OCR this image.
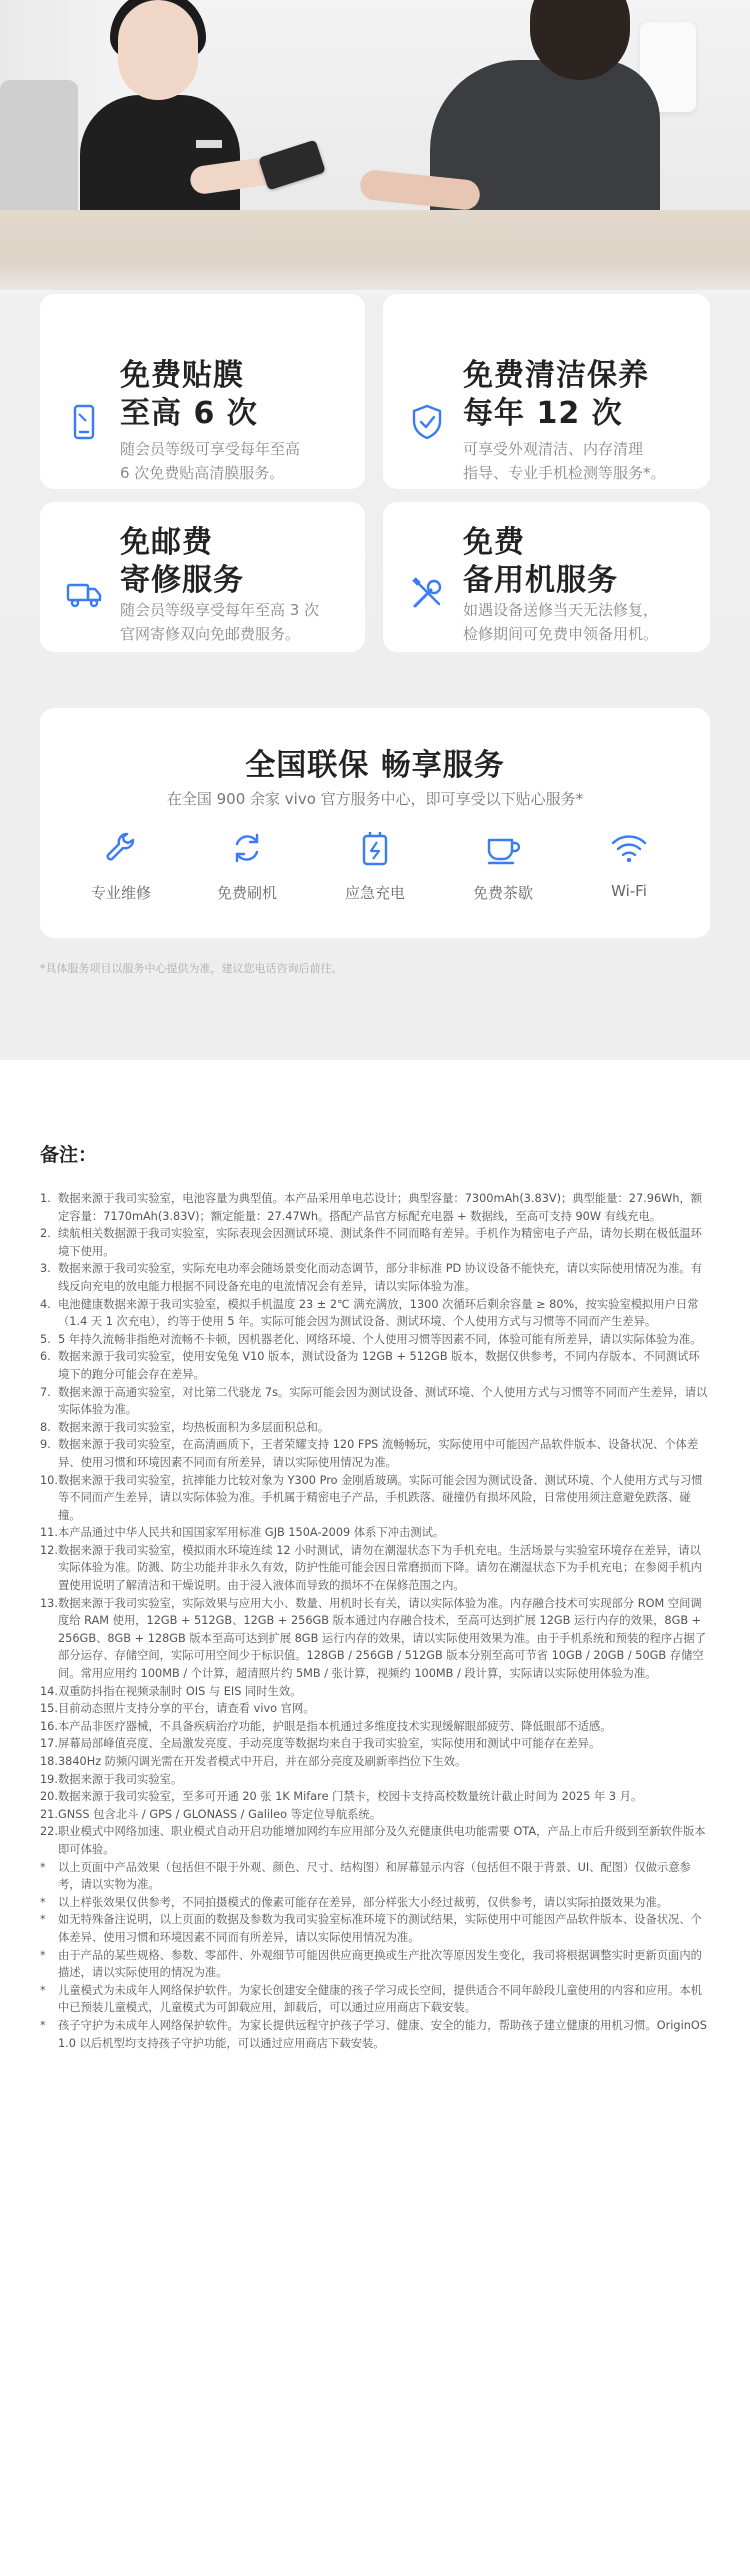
免费贴膜
至高 6 次
随会员等级可享受每年至高
6 次免费贴高清膜服务。
免费清洁保养
每年 12 次
可享受外观清洁、内存清理
指导、专业手机检测等服务*。
免邮费
寄修服务
随会员等级享受每年至高 3 次
官网寄修双向免邮费服务。
免费
备用机服务
如遇设备送修当天无法修复，
检修期间可免费申领备用机。
全国联保 畅享服务
在全国 900 余家 vivo 官方服务中心，即可享受以下贴心服务*
专业维修	免费刷机	应急充电	免费茶歇	Wi-Fi
*具体服务项目以服务中心提供为准，建议您电话咨询后前往。
备注：
1. 数据来源于我司实验室，电池容量为典型值。本产品采用单电芯设计；典型容量：7300mAh(3.83V)；典型能量：27.96Wh，额定容量：7170mAh(3.83V)；额定能量：27.47Wh。搭配产品官方标配充电器 + 数据线，至高可支持 90W 有线充电。
2. 续航相关数据源于我司实验室，实际表现会因测试环境、测试条件不同而略有差异。手机作为精密电子产品，请勿长期在极低温环境下使用。
3. 数据来源于我司实验室，实际充电功率会随场景变化而动态调节，部分非标准 PD 协议设备不能快充，请以实际使用情况为准。有线反向充电的放电能力根据不同设备充电的电流情况会有差异，请以实际体验为准。
4. 电池健康数据来源于我司实验室，模拟手机温度 23 ± 2℃ 满充满放，1300 次循环后剩余容量 ≥ 80%，按实验室模拟用户日常（1.4 天 1 次充电），约等于使用 5 年。实际可能会因为测试设备、测试环境、个人使用方式与习惯等不同而产生差异。
5. 5 年持久流畅非指绝对流畅不卡顿，因机器老化、网络环境、个人使用习惯等因素不同，体验可能有所差异，请以实际体验为准。
6. 数据来源于我司实验室，使用安兔兔 V10 版本，测试设备为 12GB + 512GB 版本，数据仅供参考，不同内存版本、不同测试环境下的跑分可能会存在差异。
7. 数据来源于高通实验室，对比第二代骁龙 7s。实际可能会因为测试设备、测试环境、个人使用方式与习惯等不同而产生差异，请以实际体验为准。
8. 数据来源于我司实验室，均热板面积为多层面积总和。
9. 数据来源于我司实验室，在高清画质下，王者荣耀支持 120 FPS 流畅畅玩，实际使用中可能因产品软件版本、设备状况、个体差异、使用习惯和环境因素不同而有所差异，请以实际使用情况为准。
10.数据来源于我司实验室，抗摔能力比较对象为 Y300 Pro 金刚盾玻璃。实际可能会因为测试设备、测试环境、个人使用方式与习惯等不同而产生差异，请以实际体验为准。手机属于精密电子产品，手机跌落、碰撞仍有损坏风险，日常使用须注意避免跌落、碰撞。
11.本产品通过中华人民共和国国家军用标准 GJB 150A-2009 体系下冲击测试。
12.数据来源于我司实验室，模拟雨水环境连续 12 小时测试，请勿在潮湿状态下为手机充电。生活场景与实验室环境存在差异，请以实际体验为准。防溅、防尘功能并非永久有效，防护性能可能会因日常磨损而下降。请勿在潮湿状态下为手机充电；在参阅手机内置使用说明了解清洁和干燥说明。由于浸入液体而导致的损坏不在保修范围之内。
13.数据来源于我司实验室，实际效果与应用大小、数量、用机时长有关，请以实际体验为准。内存融合技术可实现部分 ROM 空间调度给 RAM 使用，12GB + 512GB、12GB + 256GB 版本通过内存融合技术，至高可达到扩展 12GB 运行内存的效果，8GB + 256GB、8GB + 128GB 版本至高可达到扩展 8GB 运行内存的效果，请以实际使用效果为准。由于手机系统和预装的程序占据了部分运存、存储空间，实际可用空间少于标识值。128GB / 256GB / 512GB 版本分别至高可节省 10GB / 20GB / 50GB 存储空间。常用应用约 100MB / 个计算，超清照片约 5MB / 张计算，视频约 100MB / 段计算，实际请以实际使用体验为准。
14.双重防抖指在视频录制时 OIS 与 EIS 同时生效。
15.目前动态照片支持分享的平台，请查看 vivo 官网。
16.本产品非医疗器械，不具备疾病治疗功能，护眼是指本机通过多维度技术实现缓解眼部疲劳、降低眼部不适感。
17.屏幕局部峰值亮度、全局激发亮度、手动亮度等数据均来自于我司实验室，实际使用和测试中可能存在差异。
18.3840Hz 防频闪调光需在开发者模式中开启，并在部分亮度及刷新率挡位下生效。
19.数据来源于我司实验室。
20.数据来源于我司实验室，至多可开通 20 张 1K Mifare 门禁卡，校园卡支持高校数量统计截止时间为 2025 年 3 月。
21.GNSS 包含北斗 / GPS / GLONASS / Galileo 等定位导航系统。
22.职业模式中网络加速、职业模式自动开启功能增加网约车应用部分及久充健康供电功能需要 OTA，产品上市后升级到至新软件版本即可体验。
* 以上页面中产品效果（包括但不限于外观、颜色、尺寸、结构图）和屏幕显示内容（包括但不限于背景、UI、配图）仅做示意参考，请以实物为准。
* 以上样张效果仅供参考，不同拍摄模式的像素可能存在差异，部分样张大小经过裁剪，仅供参考，请以实际拍摄效果为准。
* 如无特殊备注说明，以上页面的数据及参数为我司实验室标准环境下的测试结果，实际使用中可能因产品软件版本、设备状况、个体差异、使用习惯和环境因素不同而有所差异，请以实际使用情况为准。
* 由于产品的某些规格、参数、零部件、外观细节可能因供应商更换或生产批次等原因发生变化，我司将根据调整实时更新页面内的描述，请以实际使用的情况为准。
* 儿童模式为未成年人网络保护软件。为家长创建安全健康的孩子学习成长空间，提供适合不同年龄段儿童使用的内容和应用。本机中已预装儿童模式，儿童模式为可卸载应用，卸载后，可以通过应用商店下载安装。
* 孩子守护为未成年人网络保护软件。为家长提供远程守护孩子学习、健康、安全的能力，帮助孩子建立健康的用机习惯。OriginOS 1.0 以后机型均支持孩子守护功能，可以通过应用商店下载安装。
